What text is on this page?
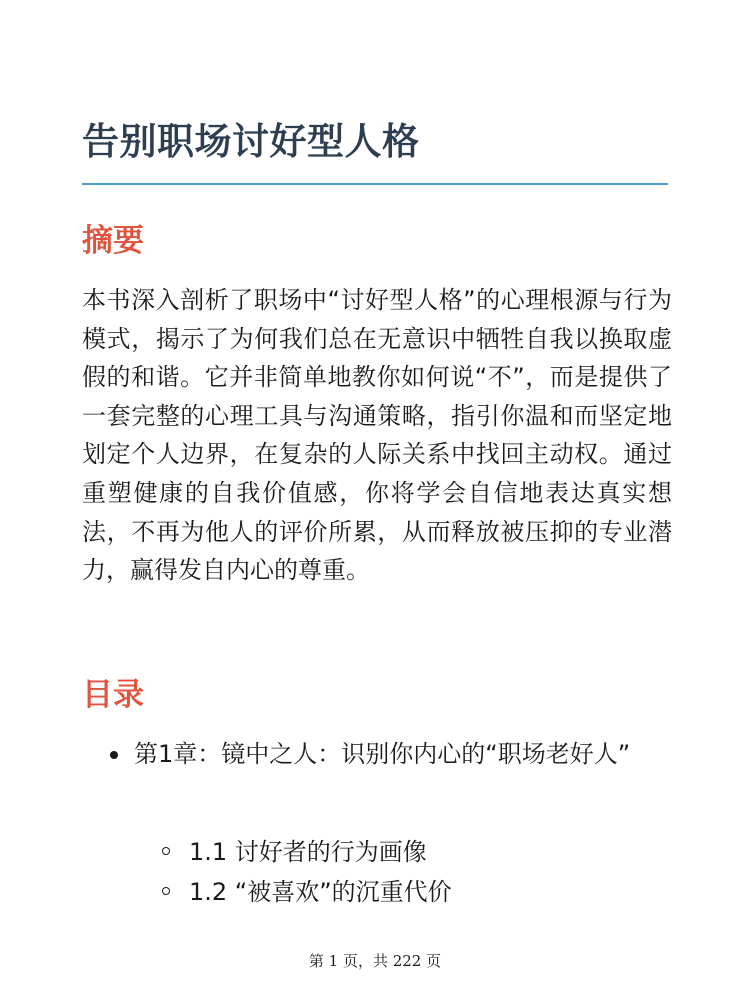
告别职场讨好型人格
摘要

本书深入剖析了职场中“讨好型人格”的心理根源与行为模式，揭示了为何我们总在无意识中牺牲自我以换取虚假的和谐。它并非简单地教你如何说“不”，而是提供了一套完整的心理工具与沟通策略，指引你温和而坚定地划定个人边界，在复杂的人际关系中找回主动权。通过重塑健康的自我价值感，你将学会自信地表达真实想法，不再为他人的评价所累，从而释放被压抑的专业潜力，赢得发自内心的尊重。

目录
第1章：镜中之人：识别你内心的“职场老好人”
1.1 讨好者的行为画像
1.2 “被喜欢”的沉重代价
第 1 页，共 222 页
